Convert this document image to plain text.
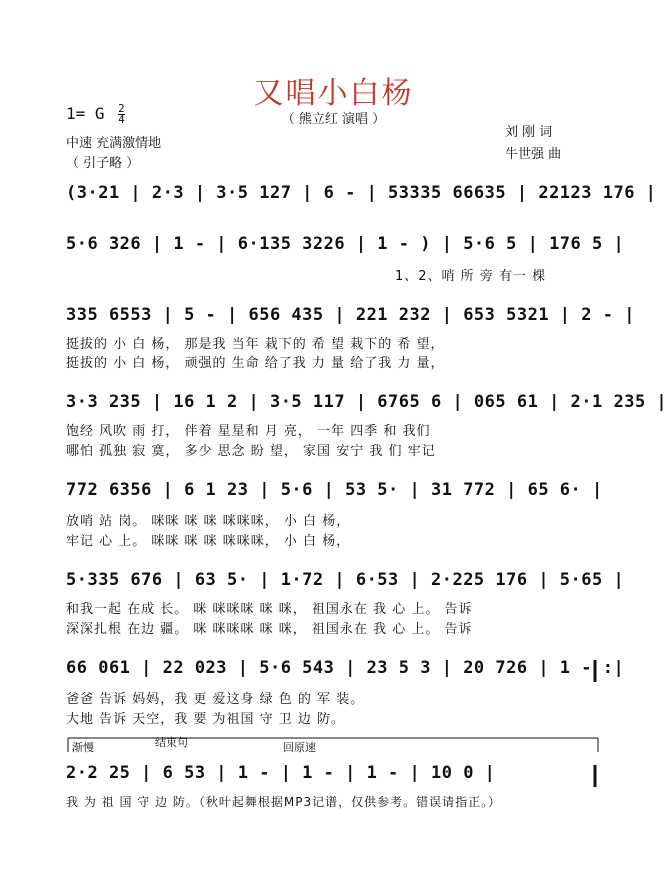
又唱小白杨
（ 熊立红 演唱 ）
1= G $\frac{2}{4}$
中速 充满激情地
（ 引子略 ）
刘 刚 词
牛世强 曲
(3·21 | 2·3 | 3·5 127 | 6 - | 53335 66635 | 22123 176 |
5·6 326 | 1 - | 6·135 3226 | 1 - ) | 5·6 5 | 176 5 |
1、2、哨 所 旁 有一 棵
335 6553 | 5 - | 656 435 | 221 232 | 653 5321 | 2 - |
挺拔的 小 白 杨， 那是我 当年 栽下的 希 望 栽下的 希 望，
挺拔的 小 白 杨， 顽强的 生命 给了我 力 量 给了我 力 量，
3·3 235 | 16 1 2 | 3·5 117 | 6765 6 | 065 61 | 2·1 235 |
饱经 风吹 雨 打， 伴着 星星和 月 亮， 一年 四季 和 我们
哪怕 孤独 寂 寞， 多少 思念 盼 望， 家国 安宁 我 们 牢记
772 6356 | 6 1 23 | 5·6 | 53 5· | 31 772 | 65 6· |
放哨 站 岗。 咪咪 咪 咪 咪咪咪， 小 白 杨，
牢记 心 上。 咪咪 咪 咪 咪咪咪， 小 白 杨，
5·335 676 | 63 5· | 1·72 | 6·53 | 2·225 176 | 5·65 |
和我一起 在成 长。 咪 咪咪咪 咪 咪， 祖国永在 我 心 上。 告诉
深深扎根 在边 疆。 咪 咪咪咪 咪 咪， 祖国永在 我 心 上。 告诉
66 061 | 22 023 | 5·6 543 | 23 5 3 | 20 726 | 1 - :|
爸爸 告诉 妈妈，我 更 爱这身 绿 色 的 军 装。
大地 告诉 天空，我 要 为祖国 守 卫 边 防。
渐慢	结束句	回原速
2·2 25 | 6 53 | 1 - | 1 - | 1 - | 10 0 |
我 为 祖 国 守 边 防。（秋叶起舞根据MP3记谱，仅供参考。错误请指正。）
